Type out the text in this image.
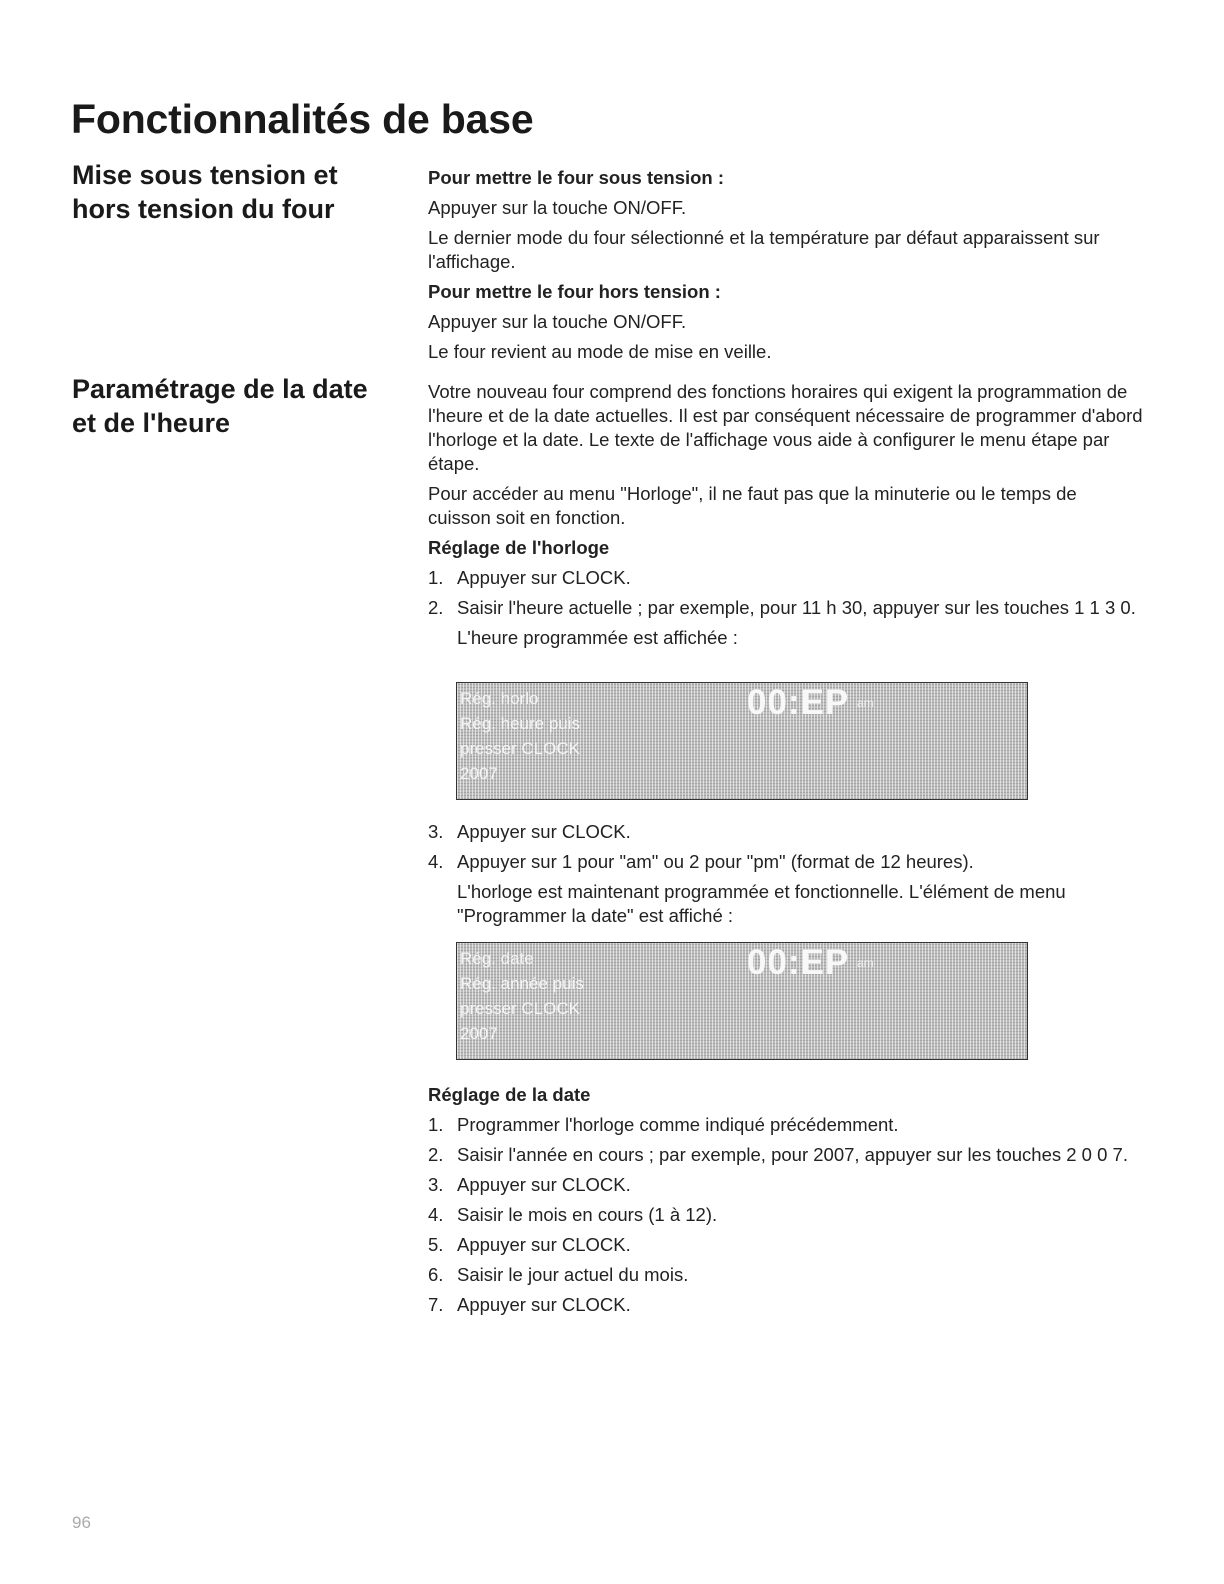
Fonctionnalités de base
Mise sous tension et
hors tension du four

Pour mettre le four sous tension :

Appuyer sur la touche ON/OFF.

Le dernier mode du four sélectionné et la température par défaut apparaissent sur l'affichage.

Pour mettre le four hors tension :

Appuyer sur la touche ON/OFF.

Le four revient au mode de mise en veille.

Paramétrage de la date
et de l'heure

Votre nouveau four comprend des fonctions horaires qui exigent la programmation de l'heure et de la date actuelles. Il est par conséquent nécessaire de programmer d'abord l'horloge et la date. Le texte de l'affichage vous aide à configurer le menu étape par étape.

Pour accéder au menu "Horloge", il ne faut pas que la minuterie ou le temps de cuisson soit en fonction.

Réglage de l'horloge

1. Appuyer sur CLOCK.
2. Saisir l'heure actuelle ; par exemple, pour 11 h 30, appuyer sur les touches 1 1 3 0.

L'heure programmée est affichée :

Rég. horlo
Rég. heure puis
presser CLOCK
2007
00:EP am
3. Appuyer sur CLOCK.
4. Appuyer sur 1 pour "am" ou 2 pour "pm" (format de 12 heures).

L'horloge est maintenant programmée et fonctionnelle. L'élément de menu "Programmer la date" est affiché :

Rég. date
Rég. année puis
presser CLOCK
2007
00:EP am

Réglage de la date

1. Programmer l'horloge comme indiqué précédemment.
2. Saisir l'année en cours ; par exemple, pour 2007, appuyer sur les touches 2 0 0 7.
3. Appuyer sur CLOCK.
4. Saisir le mois en cours (1 à 12).
5. Appuyer sur CLOCK.
6. Saisir le jour actuel du mois.
7. Appuyer sur CLOCK.
96
